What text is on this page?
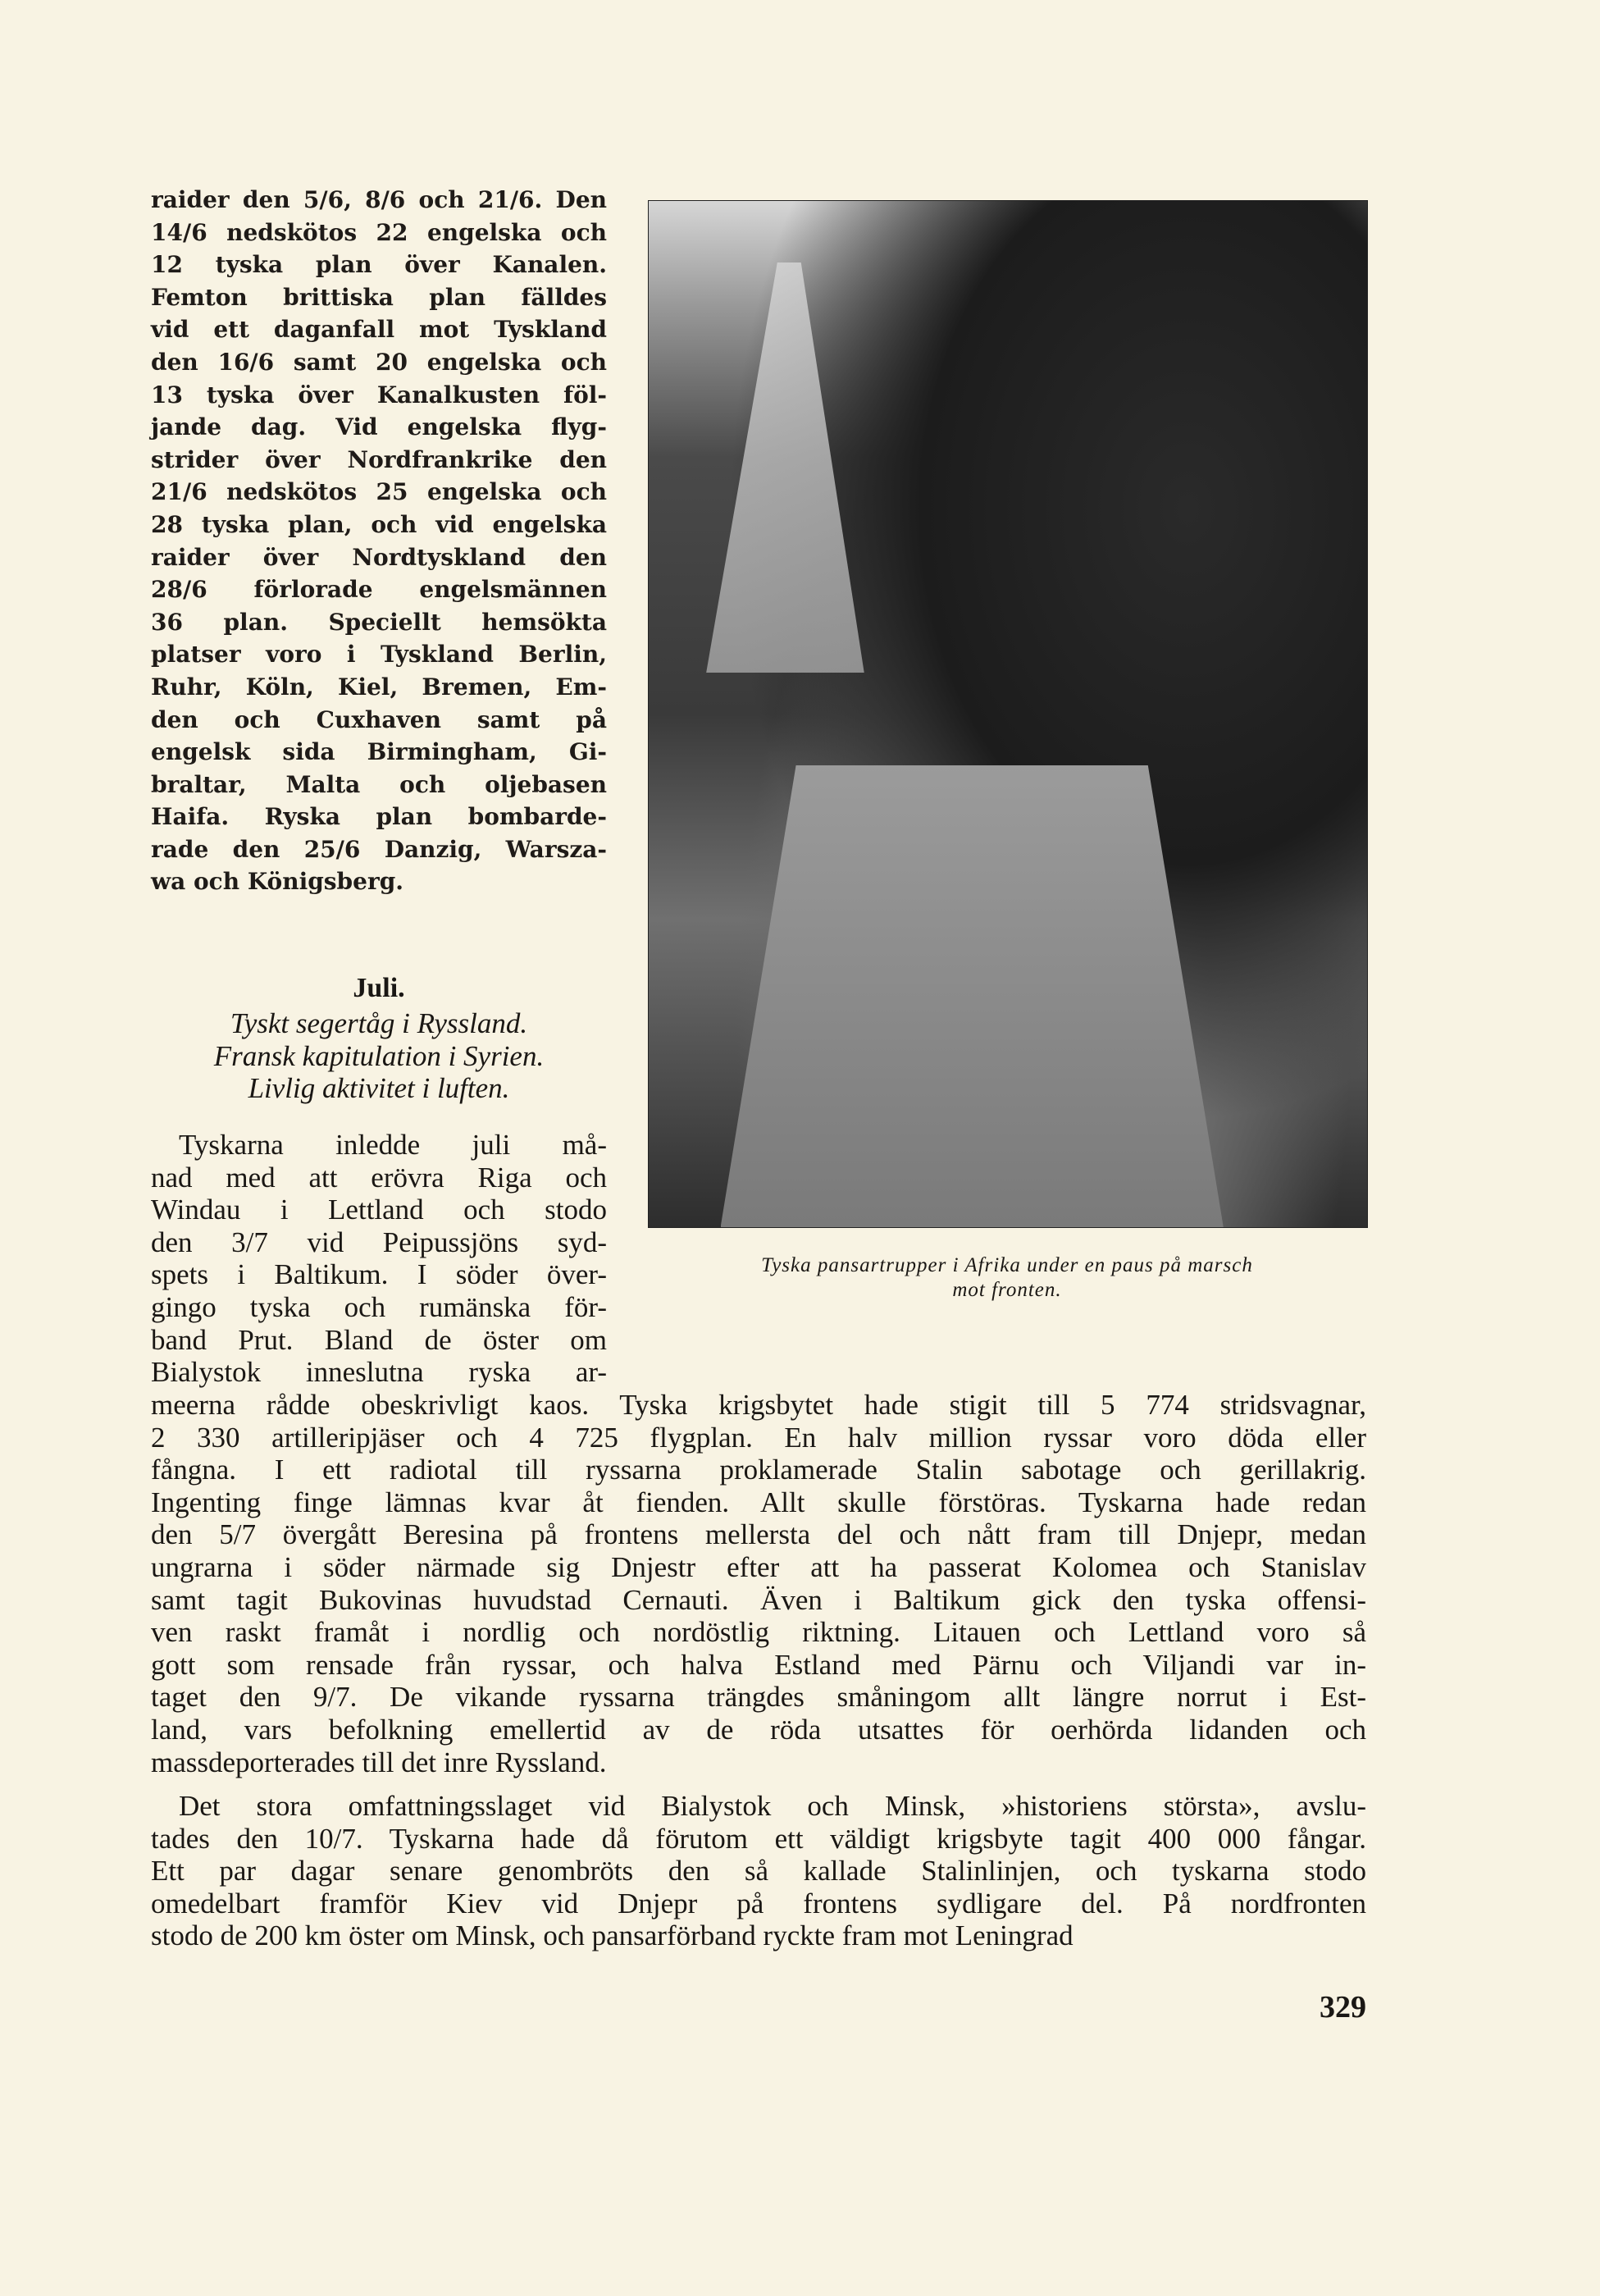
raider den 5/6, 8/6 och 21/6. Den
14/6 nedskötos 22 engelska och
12 tyska plan över Kanalen.
Femton brittiska plan fälldes
vid ett daganfall mot Tyskland
den 16/6 samt 20 engelska och
13 tyska över Kanalkusten föl-
jande dag. Vid engelska flyg-
strider över Nordfrankrike den
21/6 nedskötos 25 engelska och
28 tyska plan, och vid engelska
raider över Nordtyskland den
28/6 förlorade engelsmännen
36 plan. Speciellt hemsökta
platser voro i Tyskland Berlin,
Ruhr, Köln, Kiel, Bremen, Em-
den och Cuxhaven samt på
engelsk sida Birmingham, Gi-
braltar, Malta och oljebasen
Haifa. Ryska plan bombarde-
rade den 25/6 Danzig, Warsza-
wa och Königsberg.
Juli.
Tyskt segertåg i Ryssland.
Fransk kapitulation i Syrien.
Livlig aktivitet i luften.
Tyskarna inledde juli må-
nad med att erövra Riga och
Windau i Lettland och stodo
den 3/7 vid Peipussjöns syd-
spets i Baltikum. I söder över-
gingo tyska och rumänska för-
band Prut. Bland de öster om
Bialystok inneslutna ryska ar-
meerna rådde obeskrivligt kaos. Tyska krigsbytet hade stigit till 5 774 stridsvagnar,
2 330 artilleripjäser och 4 725 flygplan. En halv million ryssar voro döda eller
fångna. I ett radiotal till ryssarna proklamerade Stalin sabotage och gerillakrig.
Ingenting finge lämnas kvar åt fienden. Allt skulle förstöras. Tyskarna hade redan
den 5/7 övergått Beresina på frontens mellersta del och nått fram till Dnjepr, medan
ungrarna i söder närmade sig Dnjestr efter att ha passerat Kolomea och Stanislav
samt tagit Bukovinas huvudstad Cernauti. Även i Baltikum gick den tyska offensi-
ven raskt framåt i nordlig och nordöstlig riktning. Litauen och Lettland voro så
gott som rensade från ryssar, och halva Estland med Pärnu och Viljandi var in-
taget den 9/7. De vikande ryssarna trängdes småningom allt längre norrut i Est-
land, vars befolkning emellertid av de röda utsattes för oerhörda lidanden och
massdeporterades till det inre Ryssland.
Det stora omfattningsslaget vid Bialystok och Minsk, »historiens största», avslu-
tades den 10/7. Tyskarna hade då förutom ett väldigt krigsbyte tagit 400 000 fångar.
Ett par dagar senare genombröts den så kallade Stalinlinjen, och tyskarna stodo
omedelbart framför Kiev vid Dnjepr på frontens sydligare del. På nordfronten
stodo de 200 km öster om Minsk, och pansarförband ryckte fram mot Leningrad
Tyska pansartrupper i Afrika under en paus på marsch
mot fronten.
329
